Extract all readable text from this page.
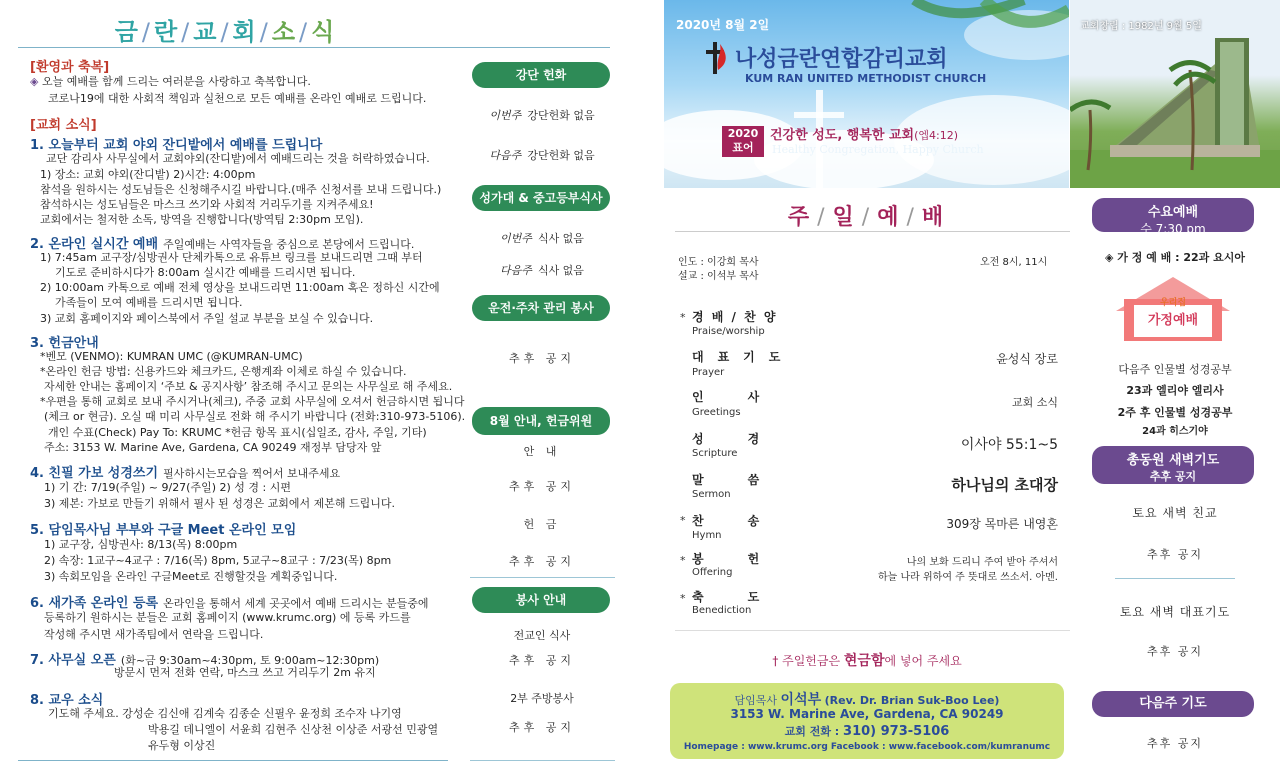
금 / 란 / 교 / 회 / 소 / 식
[환영과 축복]
◈ 오늘 예배를 함께 드리는 여러분을 사랑하고 축복합니다.
코로나19에 대한 사회적 책임과 실천으로 모든 예배를 온라인 예배로 드립니다.
[교회 소식]
1. 오늘부터 교회 야외 잔디밭에서 예배를 드립니다
교단 감리사 사무실에서 교회야외(잔디밭)에서 예배드리는 것을 허락하였습니다.
1) 장소: 교회 야외(잔디밭) 2)시간: 4:00pm
참석을 원하시는 성도님들은 신청해주시길 바랍니다.(매주 신청서를 보내 드립니다.)
참석하시는 성도님들은 마스크 쓰기와 사회적 거리두기를 지켜주세요!
교회에서는 철저한 소독, 방역을 진행합니다(방역팀 2:30pm 모임).
2. 온라인 실시간 예배 주일예배는 사역자들을 중심으로 본당에서 드립니다.
1) 7:45am 교구장/심방권사 단체카톡으로 유튜브 링크를 보내드리면 그때 부터
기도로 준비하시다가 8:00am 실시간 예배를 드리시면 됩니다.
2) 10:00am 카톡으로 예배 전체 영상을 보내드리면 11:00am 혹은 정하신 시간에
가족들이 모여 예배를 드리시면 됩니다.
3) 교회 홈페이지와 페이스북에서 주일 설교 부분을 보실 수 있습니다.
3. 헌금안내
*벤모 (VENMO): KUMRAN UMC (@KUMRAN-UMC)
*온라인 헌금 방법: 신용카드와 체크카드, 은행계좌 이체로 하실 수 있습니다.
자세한 안내는 홈페이지 ‘주보 & 공지사항’ 참조해 주시고 문의는 사무실로 해 주세요.
*우편을 통해 교회로 보내 주시거나(체크), 주중 교회 사무실에 오셔서 헌금하시면 됩니다
(체크 or 현금). 오실 때 미리 사무실로 전화 해 주시기 바랍니다 (전화:310-973-5106).
개인 수표(Check) Pay To: KRUMC *헌금 항목 표시(십일조, 감사, 주일, 기타)
주소: 3153 W. Marine Ave, Gardena, CA 90249 재정부 담당자 앞
4. 친필 가보 성경쓰기 필사하시는모습을 찍어서 보내주세요
1) 기 간: 7/19(주일) ~ 9/27(주일) 2) 성 경 : 시편
3) 제본: 가보로 만들기 위해서 필사 된 성경은 교회에서 제본해 드립니다.
5. 담임목사님 부부와 구글 Meet 온라인 모임
1) 교구장, 심방권사: 8/13(목) 8:00pm
2) 속장: 1교구~4교구 : 7/16(목) 8pm, 5교구~8교구 : 7/23(목) 8pm
3) 속회모임을 온라인 구글Meet로 진행할것을 계획중입니다.
6. 새가족 온라인 등록 온라인을 통해서 세계 곳곳에서 예배 드리시는 분들중에
등록하기 원하시는 분들은 교회 홈페이지 (www.krumc.org) 에 등록 카드를
작성해 주시면 새가족팀에서 연락을 드립니다.
7. 사무실 오픈 (화~금 9:30am~4:30pm, 토 9:00am~12:30pm)
방문시 먼저 전화 연락, 마스크 쓰고 거리두기 2m 유지
8. 교우 소식
기도해 주세요. 강성순 김신애 김계숙 김종순 신필우 윤정희 조수자 나기영
박용길 데니엘이 서윤희 김현주 신상천 이상준 서광선 민광열
유두형 이상진
강단 헌화
이번주 강단헌화 없음
다음주 강단헌화 없음
성가대 & 중고등부식사
이번주 식사 없음
다음주 식사 없음
운전·주차 관리 봉사
추후 공지
8월 안내, 헌금위원
안 내
추후 공지
헌 금
추후 공지
봉사 안내
전교인 식사
추후 공지
2부 주방봉사
추후 공지
2020년 8월 2일
나성금란연합감리교회
KUM RAN UNITED METHODIST CHURCH
2020
표어
건강한 성도, 행복한 교회(엡4:12)
Healthy Congregation, Happy Church
교회창립 : 1982년 9월 5일
주 / 일 / 예 / 배
인도 : 이강희 목사
설교 : 이석부 목사
오전 8시, 11시
* 경 배 / 찬 양
Praise/worship
대표기도
Prayer
윤성식 장로
인사
Greetings
교회 소식
성경
Scripture
이사야 55:1~5
말씀
Sermon
하나님의 초대장
* 찬송
Hymn
309장 목마른 내영혼
* 봉헌
Offering
나의 보화 드리니 주여 받아 주셔서
하늘 나라 위하여 주 뜻대로 쓰소서. 아멘.
* 축도
Benediction
† 주일헌금은 현금함에 넣어 주세요
담임목사 이석부 (Rev. Dr. Brian Suk-Boo Lee)
3153 W. Marine Ave, Gardena, CA 90249
교회 전화 : 310) 973-5106
Homepage : www.krumc.org Facebook : www.facebook.com/kumranumc
수요예배
수 7:30 pm
◈ 가 정 예 배 : 22과 요시아
우리집
가정예배
다음주 인물별 성경공부
23과 엘리야 엘리사
2주 후 인물별 성경공부
24과 히스기야
총동원 새벽기도
추후 공지
토요 새벽 친교
추후 공지
토요 새벽 대표기도
추후 공지
다음주 기도
추후 공지
